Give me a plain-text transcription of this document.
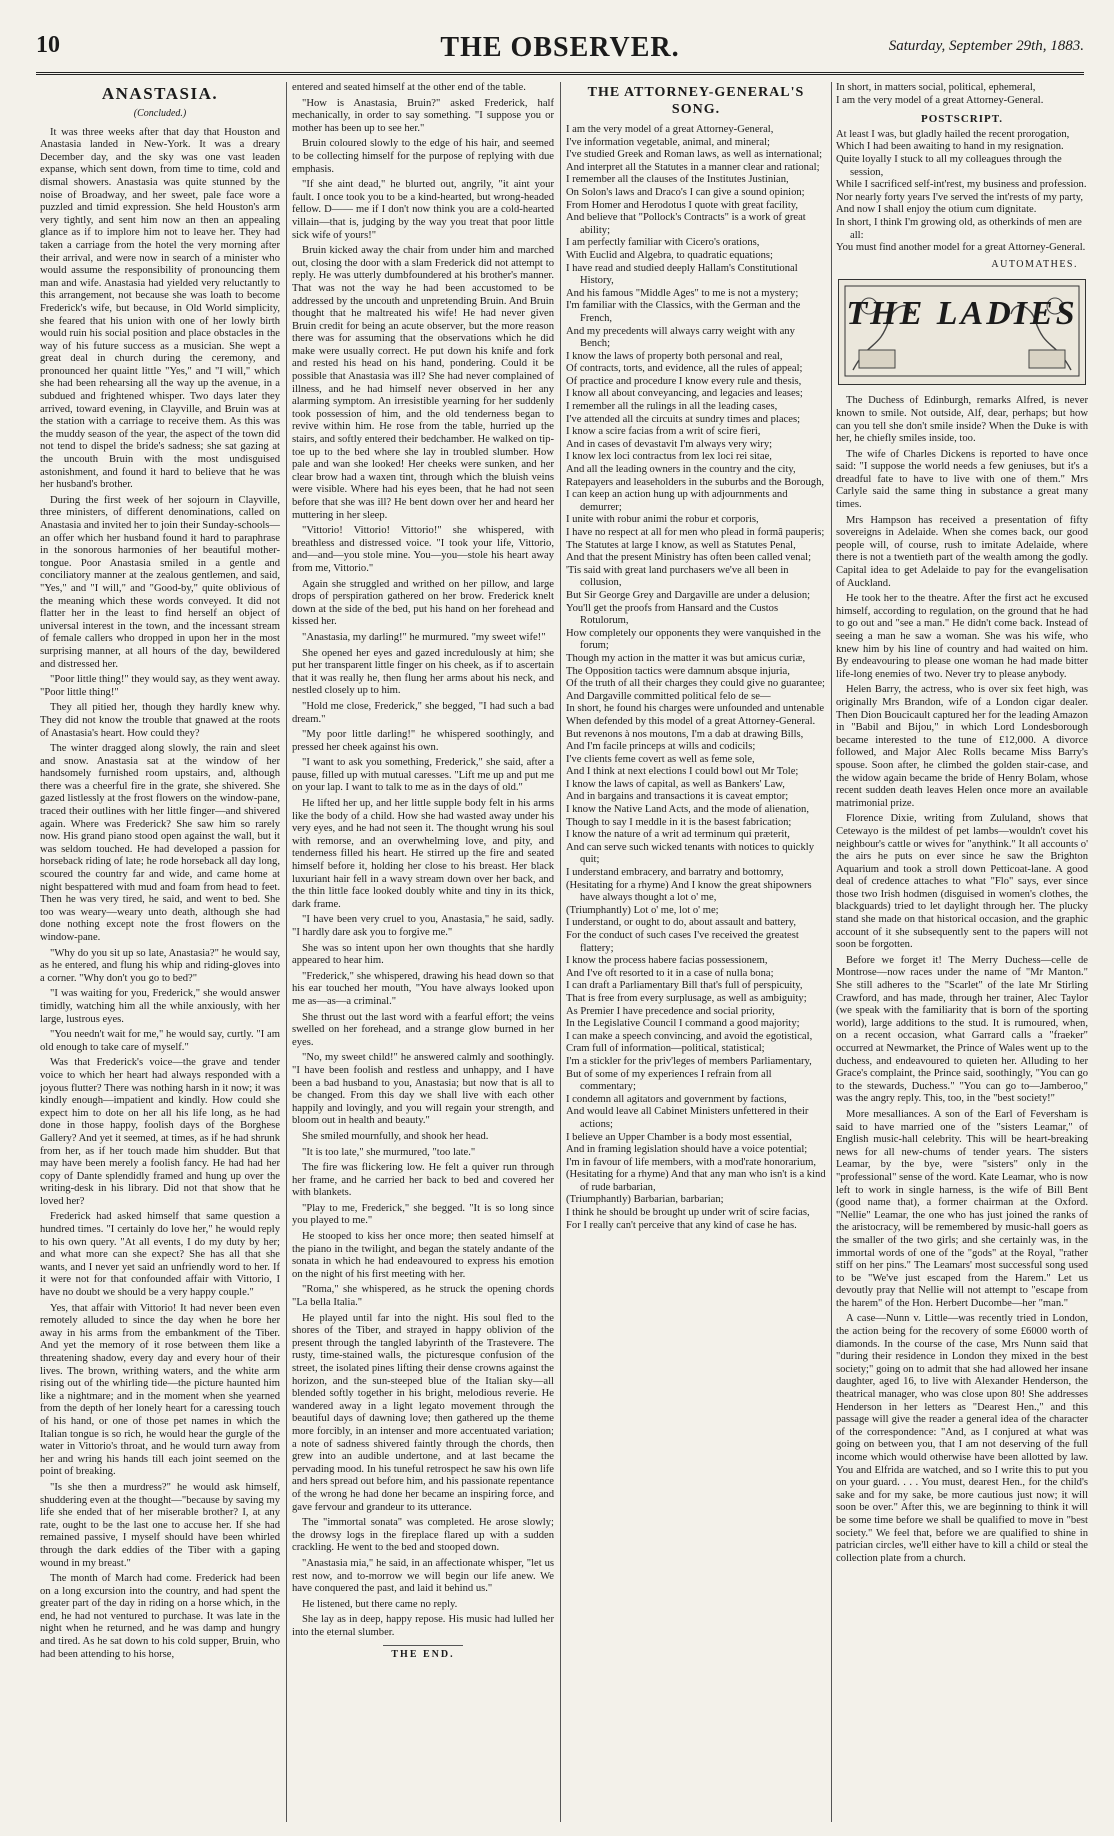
10	THE OBSERVER.	Saturday, September 29th, 1883.
ANASTASIA.
(Concluded.)

It was three weeks after that day that Houston and Anastasia landed in New-York. It was a dreary December day, and the sky was one vast leaden expanse, which sent down, from time to time, cold and dismal showers. Anastasia was quite stunned by the noise of Broadway, and her sweet, pale face wore a puzzled and timid expression. She held Houston's arm very tightly, and sent him now an then an appealing glance as if to implore him not to leave her. They had taken a carriage from the hotel the very morning after their arrival, and were now in search of a minister who would assume the responsibility of pronouncing them man and wife. Anastasia had yielded very reluctantly to this arrangement, not because she was loath to become Frederick's wife, but because, in Old World simplicity, she feared that his union with one of her lowly birth would ruin his social position and place obstacles in the way of his future success as a musician. She wept a great deal in church during the ceremony, and pronounced her quaint little "Yes," and "I will," which she had been rehearsing all the way up the avenue, in a subdued and frightened whisper. Two days later they arrived, toward evening, in Clayville, and Bruin was at the station with a carriage to receive them. As this was the muddy season of the year, the aspect of the town did not tend to dispel the bride's sadness; she sat gazing at the uncouth Bruin with the most undisguised astonishment, and found it hard to believe that he was her husband's brother.

During the first week of her sojourn in Clayville, three ministers, of different denominations, called on Anastasia and invited her to join their Sunday-schools—an offer which her husband found it hard to paraphrase in the sonorous harmonies of her beautiful mother-tongue. Poor Anastasia smiled in a gentle and conciliatory manner at the zealous gentlemen, and said, "Yes," and "I will," and "Good-by," quite oblivious of the meaning which these words conveyed. It did not flatter her in the least to find herself an object of universal interest in the town, and the incessant stream of female callers who dropped in upon her in the most surprising manner, at all hours of the day, bewildered and distressed her.

"Poor little thing!" they would say, as they went away. "Poor little thing!"

They all pitied her, though they hardly knew why. They did not know the trouble that gnawed at the roots of Anastasia's heart. How could they?

The winter dragged along slowly, the rain and sleet and snow. Anastasia sat at the window of her handsomely furnished room upstairs, and, although there was a cheerful fire in the grate, she shivered. She gazed listlessly at the frost flowers on the window-pane, traced their outlines with her little finger—and shivered again. Where was Frederick? She saw him so rarely now. His grand piano stood open against the wall, but it was seldom touched. He had developed a passion for horseback riding of late; he rode horseback all day long, scoured the country far and wide, and came home at night bespattered with mud and foam from head to feet. Then he was very tired, he said, and went to bed. She too was weary—weary unto death, although she had done nothing except note the frost flowers on the window-pane.

"Why do you sit up so late, Anastasia?" he would say, as he entered, and flung his whip and riding-gloves into a corner. "Why don't you go to bed?"

"I was waiting for you, Frederick," she would answer timidly, watching him all the while anxiously, with her large, lustrous eyes.

"You needn't wait for me," he would say, curtly. "I am old enough to take care of myself."

Was that Frederick's voice—the grave and tender voice to which her heart had always responded with a joyous flutter? There was nothing harsh in it now; it was kindly enough—impatient and kindly. How could she expect him to dote on her all his life long, as he had done in those happy, foolish days of the Borghese Gallery? And yet it seemed, at times, as if he had shrunk from her, as if her touch made him shudder. But that may have been merely a foolish fancy. He had had her copy of Dante splendidly framed and hung up over the writing-desk in his library. Did not that show that he loved her?

Frederick had asked himself that same question a hundred times. "I certainly do love her," he would reply to his own query. "At all events, I do my duty by her; and what more can she expect? She has all that she wants, and I never yet said an unfriendly word to her. If it were not for that confounded affair with Vittorio, I have no doubt we should be a very happy couple."

Yes, that affair with Vittorio! It had never been even remotely alluded to since the day when he bore her away in his arms from the embankment of the Tiber. And yet the memory of it rose between them like a threatening shadow, every day and every hour of their lives. The brown, writhing waters, and the white arm rising out of the whirling tide—the picture haunted him like a nightmare; and in the moment when she yearned from the depth of her lonely heart for a caressing touch of his hand, or one of those pet names in which the Italian tongue is so rich, he would hear the gurgle of the water in Vittorio's throat, and he would turn away from her and wring his hands till each joint seemed on the point of breaking.

"Is she then a murdress?" he would ask himself, shuddering even at the thought—"because by saving my life she ended that of her miserable brother? I, at any rate, ought to be the last one to accuse her. If she had remained passive, I myself should have been whirled through the dark eddies of the Tiber with a gaping wound in my breast."

The month of March had come. Frederick had been on a long excursion into the country, and had spent the greater part of the day in riding on a horse which, in the end, he had not ventured to purchase. It was late in the night when he returned, and he was damp and hungry and tired. As he sat down to his cold supper, Bruin, who had been attending to his horse,

entered and seated himself at the other end of the table.

"How is Anastasia, Bruin?" asked Frederick, half mechanically, in order to say something. "I suppose you or mother has been up to see her."

Bruin coloured slowly to the edge of his hair, and seemed to be collecting himself for the purpose of replying with due emphasis.

"If she aint dead," he blurted out, angrily, "it aint your fault. I once took you to be a kind-hearted, but wrong-headed fellow. D—— me if I don't now think you are a cold-hearted villain—that is, judging by the way you treat that poor little sick wife of yours!"

Bruin kicked away the chair from under him and marched out, closing the door with a slam Frederick did not attempt to reply. He was utterly dumbfoundered at his brother's manner. That was not the way he had been accustomed to be addressed by the uncouth and unpretending Bruin. And Bruin thought that he maltreated his wife! He had never given Bruin credit for being an acute observer, but the more reason there was for assuming that the observations which he did make were usually correct. He put down his knife and fork and rested his head on his hand, pondering. Could it be possible that Anastasia was ill? She had never complained of illness, and he had himself never observed in her any alarming symptom. An irresistible yearning for her suddenly took possession of him, and the old tenderness began to revive within him. He rose from the table, hurried up the stairs, and softly entered their bedchamber. He walked on tip-toe up to the bed where she lay in troubled slumber. How pale and wan she looked! Her cheeks were sunken, and her clear brow had a waxen tint, through which the bluish veins were visible. Where had his eyes been, that he had not seen before that she was ill? He bent down over her and heard her muttering in her sleep.

"Vittorio! Vittorio! Vittorio!" she whispered, with breathless and distressed voice. "I took your life, Vittorio, and—and—you stole mine. You—you—stole his heart away from me, Vittorio."

Again she struggled and writhed on her pillow, and large drops of perspiration gathered on her brow. Frederick knelt down at the side of the bed, put his hand on her forehead and kissed her.

"Anastasia, my darling!" he murmured. "my sweet wife!"

She opened her eyes and gazed incredulously at him; she put her transparent little finger on his cheek, as if to ascertain that it was really he, then flung her arms about his neck, and nestled closely up to him.

"Hold me close, Frederick," she begged, "I had such a bad dream."

"My poor little darling!" he whispered soothingly, and pressed her cheek against his own.

"I want to ask you something, Frederick," she said, after a pause, filled up with mutual caresses. "Lift me up and put me on your lap. I want to talk to me as in the days of old."

He lifted her up, and her little supple body felt in his arms like the body of a child. How she had wasted away under his very eyes, and he had not seen it. The thought wrung his soul with remorse, and an overwhelming love, and pity, and tenderness filled his heart. He stirred up the fire and seated himself before it, holding her close to his breast. Her black luxuriant hair fell in a wavy stream down over her back, and the thin little face looked doubly white and tiny in its thick, dark frame.

"I have been very cruel to you, Anastasia," he said, sadly. "I hardly dare ask you to forgive me."

She was so intent upon her own thoughts that she hardly appeared to hear him.

"Frederick," she whispered, drawing his head down so that his ear touched her mouth, "You have always looked upon me as—as—a criminal."

She thrust out the last word with a fearful effort; the veins swelled on her forehead, and a strange glow burned in her eyes.

"No, my sweet child!" he answered calmly and soothingly. "I have been foolish and restless and unhappy, and I have been a bad husband to you, Anastasia; but now that is all to be changed. From this day we shall live with each other happily and lovingly, and you will regain your strength, and bloom out in health and beauty."

She smiled mournfully, and shook her head.

"It is too late," she murmured, "too late."

The fire was flickering low. He felt a quiver run through her frame, and he carried her back to bed and covered her with blankets.

"Play to me, Frederick," she begged. "It is so long since you played to me."

He stooped to kiss her once more; then seated himself at the piano in the twilight, and began the stately andante of the sonata in which he had endeavoured to express his emotion on the night of his first meeting with her.

"Roma," she whispered, as he struck the opening chords "La bella Italia."

He played until far into the night. His soul fled to the shores of the Tiber, and strayed in happy oblivion of the present through the tangled labyrinth of the Trastevere. The rusty, time-stained walls, the picturesque confusion of the street, the isolated pines lifting their dense crowns against the horizon, and the sun-steeped blue of the Italian sky—all blended softly together in his bright, melodious reverie. He wandered away in a light legato movement through the beautiful days of dawning love; then gathered up the theme more forcibly, in an intenser and more accentuated variation; a note of sadness shivered faintly through the chords, then grew into an audible undertone, and at last became the pervading mood. In his tuneful retrospect he saw his own life and hers spread out before him, and his passionate repentance of the wrong he had done her became an inspiring force, and gave fervour and grandeur to its utterance.

The "immortal sonata" was completed. He arose slowly; the drowsy logs in the fireplace flared up with a sudden crackling. He went to the bed and stooped down.

"Anastasia mia," he said, in an affectionate whisper, "let us rest now, and to-morrow we will begin our life anew. We have conquered the past, and laid it behind us."

He listened, but there came no reply.

She lay as in deep, happy repose. His music had lulled her into the eternal slumber.

THE END.
THE ATTORNEY-GENERAL'S SONG.
I am the very model of a great Attorney-General,
I've information vegetable, animal, and mineral;
I've studied Greek and Roman laws, as well as international;
And interpret all the Statutes in a manner clear and rational;
I remember all the clauses of the Institutes Justinian,
On Solon's laws and Draco's I can give a sound opinion;
From Homer and Herodotus I quote with great facility,
And believe that "Pollock's Contracts" is a work of great ability;
I am perfectly familiar with Cicero's orations,
With Euclid and Algebra, to quadratic equations;
I have read and studied deeply Hallam's Constitutional History,
And his famous "Middle Ages" to me is not a mystery;
I'm familiar with the Classics, with the German and the French,
And my precedents will always carry weight with any Bench;
I know the laws of property both personal and real,
Of contracts, torts, and evidence, all the rules of appeal;
Of practice and procedure I know every rule and thesis,
I know all about conveyancing, and legacies and leases;
I remember all the rulings in all the leading cases,
I've attended all the circuits at sundry times and places;
I know a scire facias from a writ of scire fieri,
And in cases of devastavit I'm always very wiry;
I know lex loci contractus from lex loci rei sitae,
And all the leading owners in the country and the city,
Ratepayers and leaseholders in the suburbs and the Borough,
I can keep an action hung up with adjournments and demurrer;
I unite with robur animi the robur et corporis,
I have no respect at all for men who plead in formâ pauperis;
The Statutes at large I know, as well as Statutes Penal,
And that the present Ministry has often been called venal;
'Tis said with great land purchasers we've all been in collusion,
But Sir George Grey and Dargaville are under a delusion;
You'll get the proofs from Hansard and the Custos Rotulorum,
How completely our opponents they were vanquished in the forum;
Though my action in the matter it was but amicus curiæ,
The Opposition tactics were damnum absque injuria,
Of the truth of all their charges they could give no guarantee;
And Dargaville committed political felo de se—
In short, he found his charges were unfounded and untenable
When defended by this model of a great Attorney-General.
But revenons à nos moutons, I'm a dab at drawing Bills,
And I'm facile princeps at wills and codicils;
I've clients feme covert as well as feme sole,
And I think at next elections I could bowl out Mr Tole;
I know the laws of capital, as well as Bankers' Law,
And in bargains and transactions it is caveat emptor;
I know the Native Land Acts, and the mode of alienation,
Though to say I meddle in it is the basest fabrication;
I know the nature of a writ ad terminum qui præterit,
And can serve such wicked tenants with notices to quickly quit;
I understand embracery, and barratry and bottomry,
(Hesitating for a rhyme) And I know the great shipowners have always thought a lot o' me,
(Triumphantly) Lot o' me, lot o' me;
I understand, or ought to do, about assault and battery,
For the conduct of such cases I've received the greatest flattery;
I know the process habere facias possessionem,
And I've oft resorted to it in a case of nulla bona;
I can draft a Parliamentary Bill that's full of perspicuity,
That is free from every surplusage, as well as ambiguity;
As Premier I have precedence and social priority,
In the Legislative Council I command a good majority;
I can make a speech convincing, and avoid the egotistical,
Cram full of information—political, statistical;
I'm a stickler for the priv'leges of members Parliamentary,
But of some of my experiences I refrain from all commentary;
I condemn all agitators and government by factions,
And would leave all Cabinet Ministers unfettered in their actions;
I believe an Upper Chamber is a body most essential,
And in framing legislation should have a voice potential;
I'm in favour of life members, with a mod'rate honorarium,
(Hesitating for a rhyme) And that any man who isn't is a kind of rude barbarian,
(Triumphantly) Barbarian, barbarian;
I think he should be brought up under writ of scire facias,
For I really can't perceive that any kind of case he has.
In short, in matters social, political, ephemeral,
I am the very model of a great Attorney-General.
POSTSCRIPT.
At least I was, but gladly hailed the recent prorogation,
Which I had been awaiting to hand in my resignation.
Quite loyally I stuck to all my colleagues through the session,
While I sacrificed self-int'rest, my business and profession.
Nor nearly forty years I've served the int'rests of my party,
And now I shall enjoy the otium cum dignitate.
In short, I think I'm growing old, as otherkinds of men are all:
You must find another model for a great Attorney-General.
AUTOMATHES.
THE LADIES

The Duchess of Edinburgh, remarks Alfred, is never known to smile. Not outside, Alf, dear, perhaps; but how can you tell she don't smile inside? When the Duke is with her, he chiefly smiles inside, too.

The wife of Charles Dickens is reported to have once said: "I suppose the world needs a few geniuses, but it's a dreadful fate to have to live with one of them." Mrs Carlyle said the same thing in substance a great many times.

Mrs Hampson has received a presentation of fifty sovereigns in Adelaide. When she comes back, our good people will, of course, rush to imitate Adelaide, where there is not a twentieth part of the wealth among the godly. Capital idea to get Adelaide to pay for the evangelisation of Auckland.

He took her to the theatre. After the first act he excused himself, according to regulation, on the ground that he had to go out and "see a man." He didn't come back. Instead of seeing a man he saw a woman. She was his wife, who knew him by his line of country and had waited on him. By endeavouring to please one woman he had made bitter life-long enemies of two. Never try to please anybody.

Helen Barry, the actress, who is over six feet high, was originally Mrs Brandon, wife of a London cigar dealer. Then Dion Boucicault captured her for the leading Amazon in "Babil and Bijou," in which Lord Londesborough became interested to the tune of £12,000. A divorce followed, and Major Alec Rolls became Miss Barry's spouse. Soon after, he climbed the golden stair-case, and the widow again became the bride of Henry Bolam, whose recent sudden death leaves Helen once more an available matrimonial prize.

Florence Dixie, writing from Zululand, shows that Cetewayo is the mildest of pet lambs—wouldn't covet his neighbour's cattle or wives for "anythink." It all accounts o' the airs he puts on ever since he saw the Brighton Aquarium and took a stroll down Petticoat-lane. A good deal of credence attaches to what "Flo" says, ever since those two Irish hodmen (disguised in women's clothes, the blackguards) tried to let daylight through her. The plucky stand she made on that historical occasion, and the graphic account of it she subsequently sent to the papers will not soon be forgotten.

Before we forget it! The Merry Duchess—celle de Montrose—now races under the name of "Mr Manton." She still adheres to the "Scarlet" of the late Mr Stirling Crawford, and has made, through her trainer, Alec Taylor (we speak with the familiarity that is born of the sporting world), large additions to the stud. It is rumoured, when, on a recent occasion, what Garrard calls a "fraeker" occurred at Newmarket, the Prince of Wales went up to the duchess, and endeavoured to quieten her. Alluding to her Grace's complaint, the Prince said, soothingly, "You can go to the stewards, Duchess." "You can go to—Jamberoo," was the angry reply. This, too, in the "best society!"

More mesalliances. A son of the Earl of Feversham is said to have married one of the "sisters Leamar," of English music-hall celebrity. This will be heart-breaking news for all new-chums of tender years. The sisters Leamar, by the bye, were "sisters" only in the "professional" sense of the word. Kate Leamar, who is now left to work in single harness, is the wife of Bill Bent (good name that), a former chairman at the Oxford. "Nellie" Leamar, the one who has just joined the ranks of the aristocracy, will be remembered by music-hall goers as the smaller of the two girls; and she certainly was, in the immortal words of one of the "gods" at the Royal, "rather stiff on her pins." The Leamars' most successful song used to be "We've just escaped from the Harem." Let us devoutly pray that Nellie will not attempt to "escape from the harem" of the Hon. Herbert Ducombe—her "man."

A case—Nunn v. Little—was recently tried in London, the action being for the recovery of some £6000 worth of diamonds. In the course of the case, Mrs Nunn said that "during their residence in London they mixed in the best society;" going on to admit that she had allowed her insane daughter, aged 16, to live with Alexander Henderson, the theatrical manager, who was close upon 80! She addresses Henderson in her letters as "Dearest Hen.," and this passage will give the reader a general idea of the character of the correspondence: "And, as I conjured at what was going on between you, that I am not deserving of the full income which would otherwise have been allotted by law. You and Elfrida are watched, and so I write this to put you on your guard. . . . You must, dearest Hen., for the child's sake and for my sake, be more cautious just now; it will soon be over." After this, we are beginning to think it will be some time before we shall be qualified to move in "best society." We feel that, before we are qualified to shine in patrician circles, we'll either have to kill a child or steal the collection plate from a church.
